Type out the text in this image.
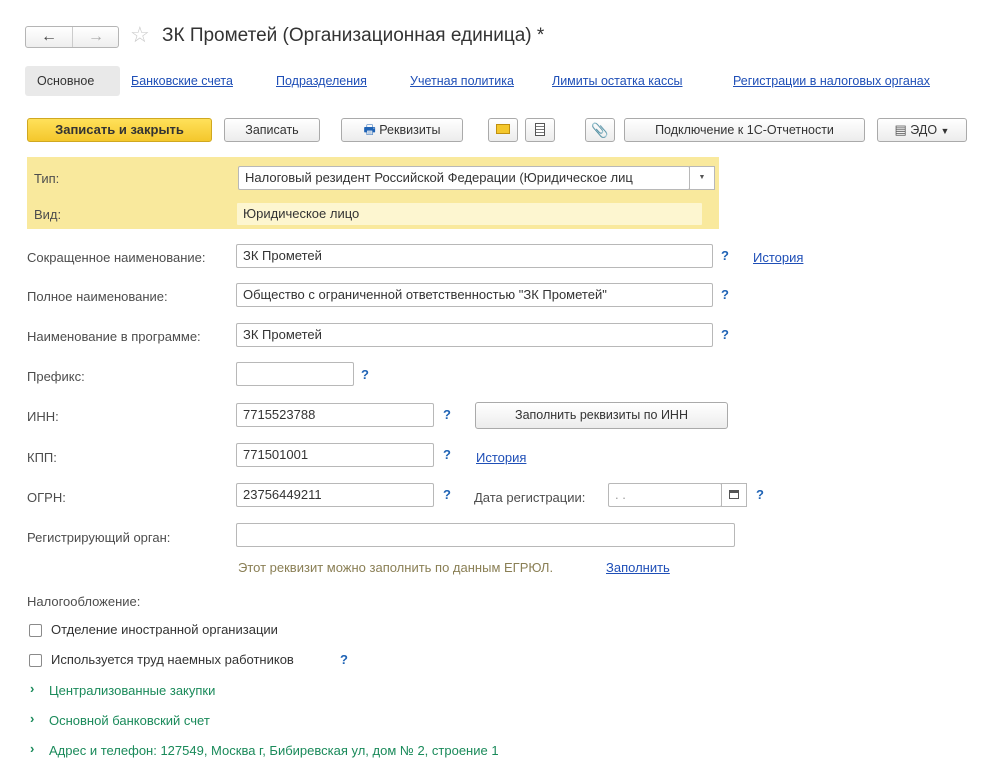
←	→	☆ ЗК Прометей (Организационная единица) *
Основное	Банковские счета	Подразделения	Учетная политика	Лимиты остатка кассы	Регистрации в налоговых органах
Записать и закрыть	Записать	🖶 Реквизиты	📎	Подключение к 1С-Отчетности	▤ ЭДО ▼
Тип:	Налоговый резидент Российской Федерации (Юридическое лиц	▼
Вид:	Юридическое лицо
Сокращенное наименование:	ЗК Прометей	? История
Полное наименование:	Общество с ограниченной ответственностью "ЗК Прометей"	?
Наименование в программе:	ЗК Прометей	?
Префикс:	?
ИНН:	7715523788	?	Заполнить реквизиты по ИНН
КПП:	771501001	? История
ОГРН:	23756449211	? Дата регистрации:	. .	?
Регистрирующий орган:
Этот реквизит можно заполнить по данным ЕГРЮЛ.	Заполнить
Налогообложение:
Отделение иностранной организации
Используется труд наемных работников	?
› Централизованные закупки
› Основной банковский счет
› Адрес и телефон: 127549, Москва г, Бибиревская ул, дом № 2, строение 1
